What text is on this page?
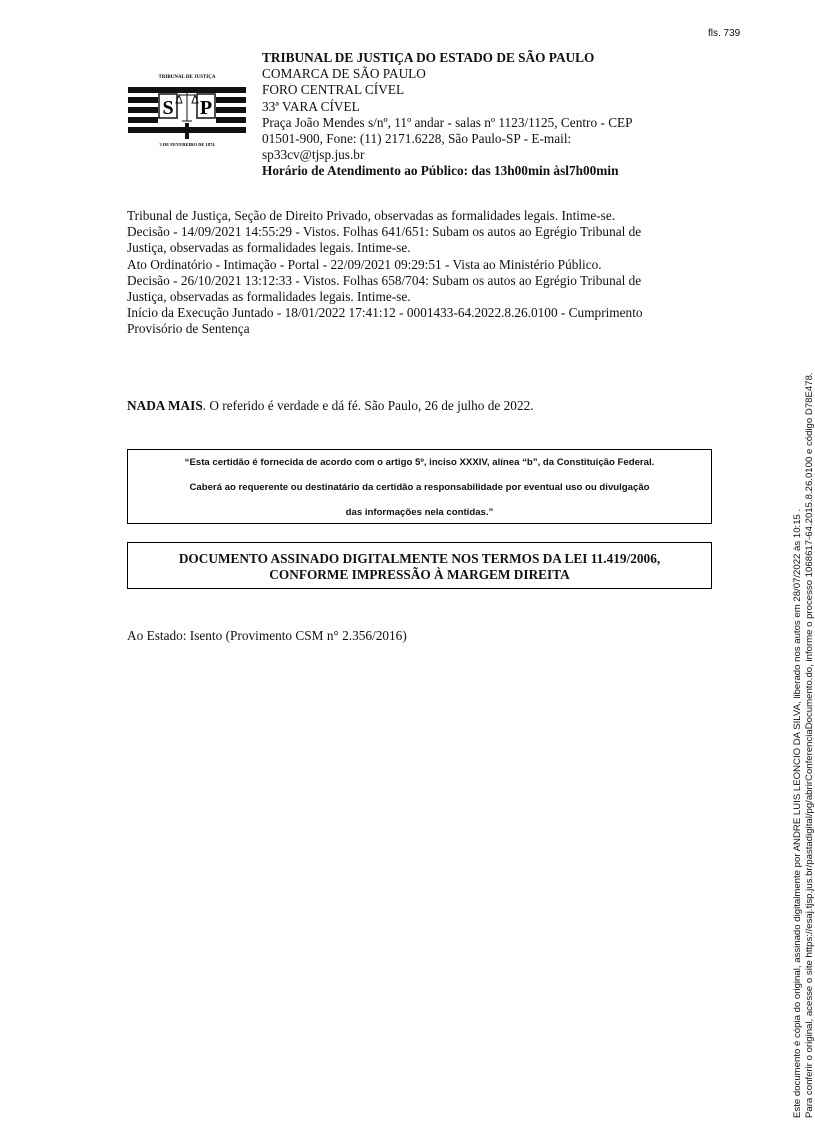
fls. 739
TRIBUNAL DE JUSTIÇA
S P
3 DE FEVEREIRO DE 1874
TRIBUNAL DE JUSTIÇA DO ESTADO DE SÃO PAULO
COMARCA DE SÃO PAULO
FORO CENTRAL CÍVEL
33ª VARA CÍVEL
Praça João Mendes s/nº, 11º andar - salas nº 1123/1125, Centro - CEP
01501-900, Fone: (11) 2171.6228, São Paulo-SP - E-mail:
sp33cv@tjsp.jus.br
Horário de Atendimento ao Público: das 13h00min àsl7h00min
Tribunal de Justiça, Seção de Direito Privado, observadas as formalidades legais. Intime-se.
Decisão - 14/09/2021 14:55:29 - Vistos. Folhas 641/651: Subam os autos ao Egrégio Tribunal de
Justiça, observadas as formalidades legais. Intime-se.
Ato Ordinatório - Intimação - Portal - 22/09/2021 09:29:51 - Vista ao Ministério Público.
Decisão - 26/10/2021 13:12:33 - Vistos. Folhas 658/704: Subam os autos ao Egrégio Tribunal de
Justiça, observadas as formalidades legais. Intime-se.
Início da Execução Juntado - 18/01/2022 17:41:12 - 0001433-64.2022.8.26.0100 - Cumprimento
Provisório de Sentença
NADA MAIS. O referido é verdade e dá fé. São Paulo, 26 de julho de 2022.
“Esta certidão é fornecida de acordo com o artigo 5º, inciso XXXIV, alínea “b”, da Constituição Federal.
Caberá ao requerente ou destinatário da certidão a responsabilidade por eventual uso ou divulgação
das informações nela contidas.”
DOCUMENTO ASSINADO DIGITALMENTE NOS TERMOS DA LEI 11.419/2006,
CONFORME IMPRESSÃO À MARGEM DIREITA
Ao Estado: Isento (Provimento CSM n° 2.356/2016)	Este documento é cópia do original, assinado digitalmente por ANDRE LUIS LEONCIO DA SILVA, liberado nos autos em 28/07/2022 às 10:15 . Para conferir o original, acesse o site https://esaj.tjsp.jus.br/pastadigital/pg/abrirConferenciaDocumento.do, informe o processo 1068617-64.2015.8.26.0100 e código D78E478.
